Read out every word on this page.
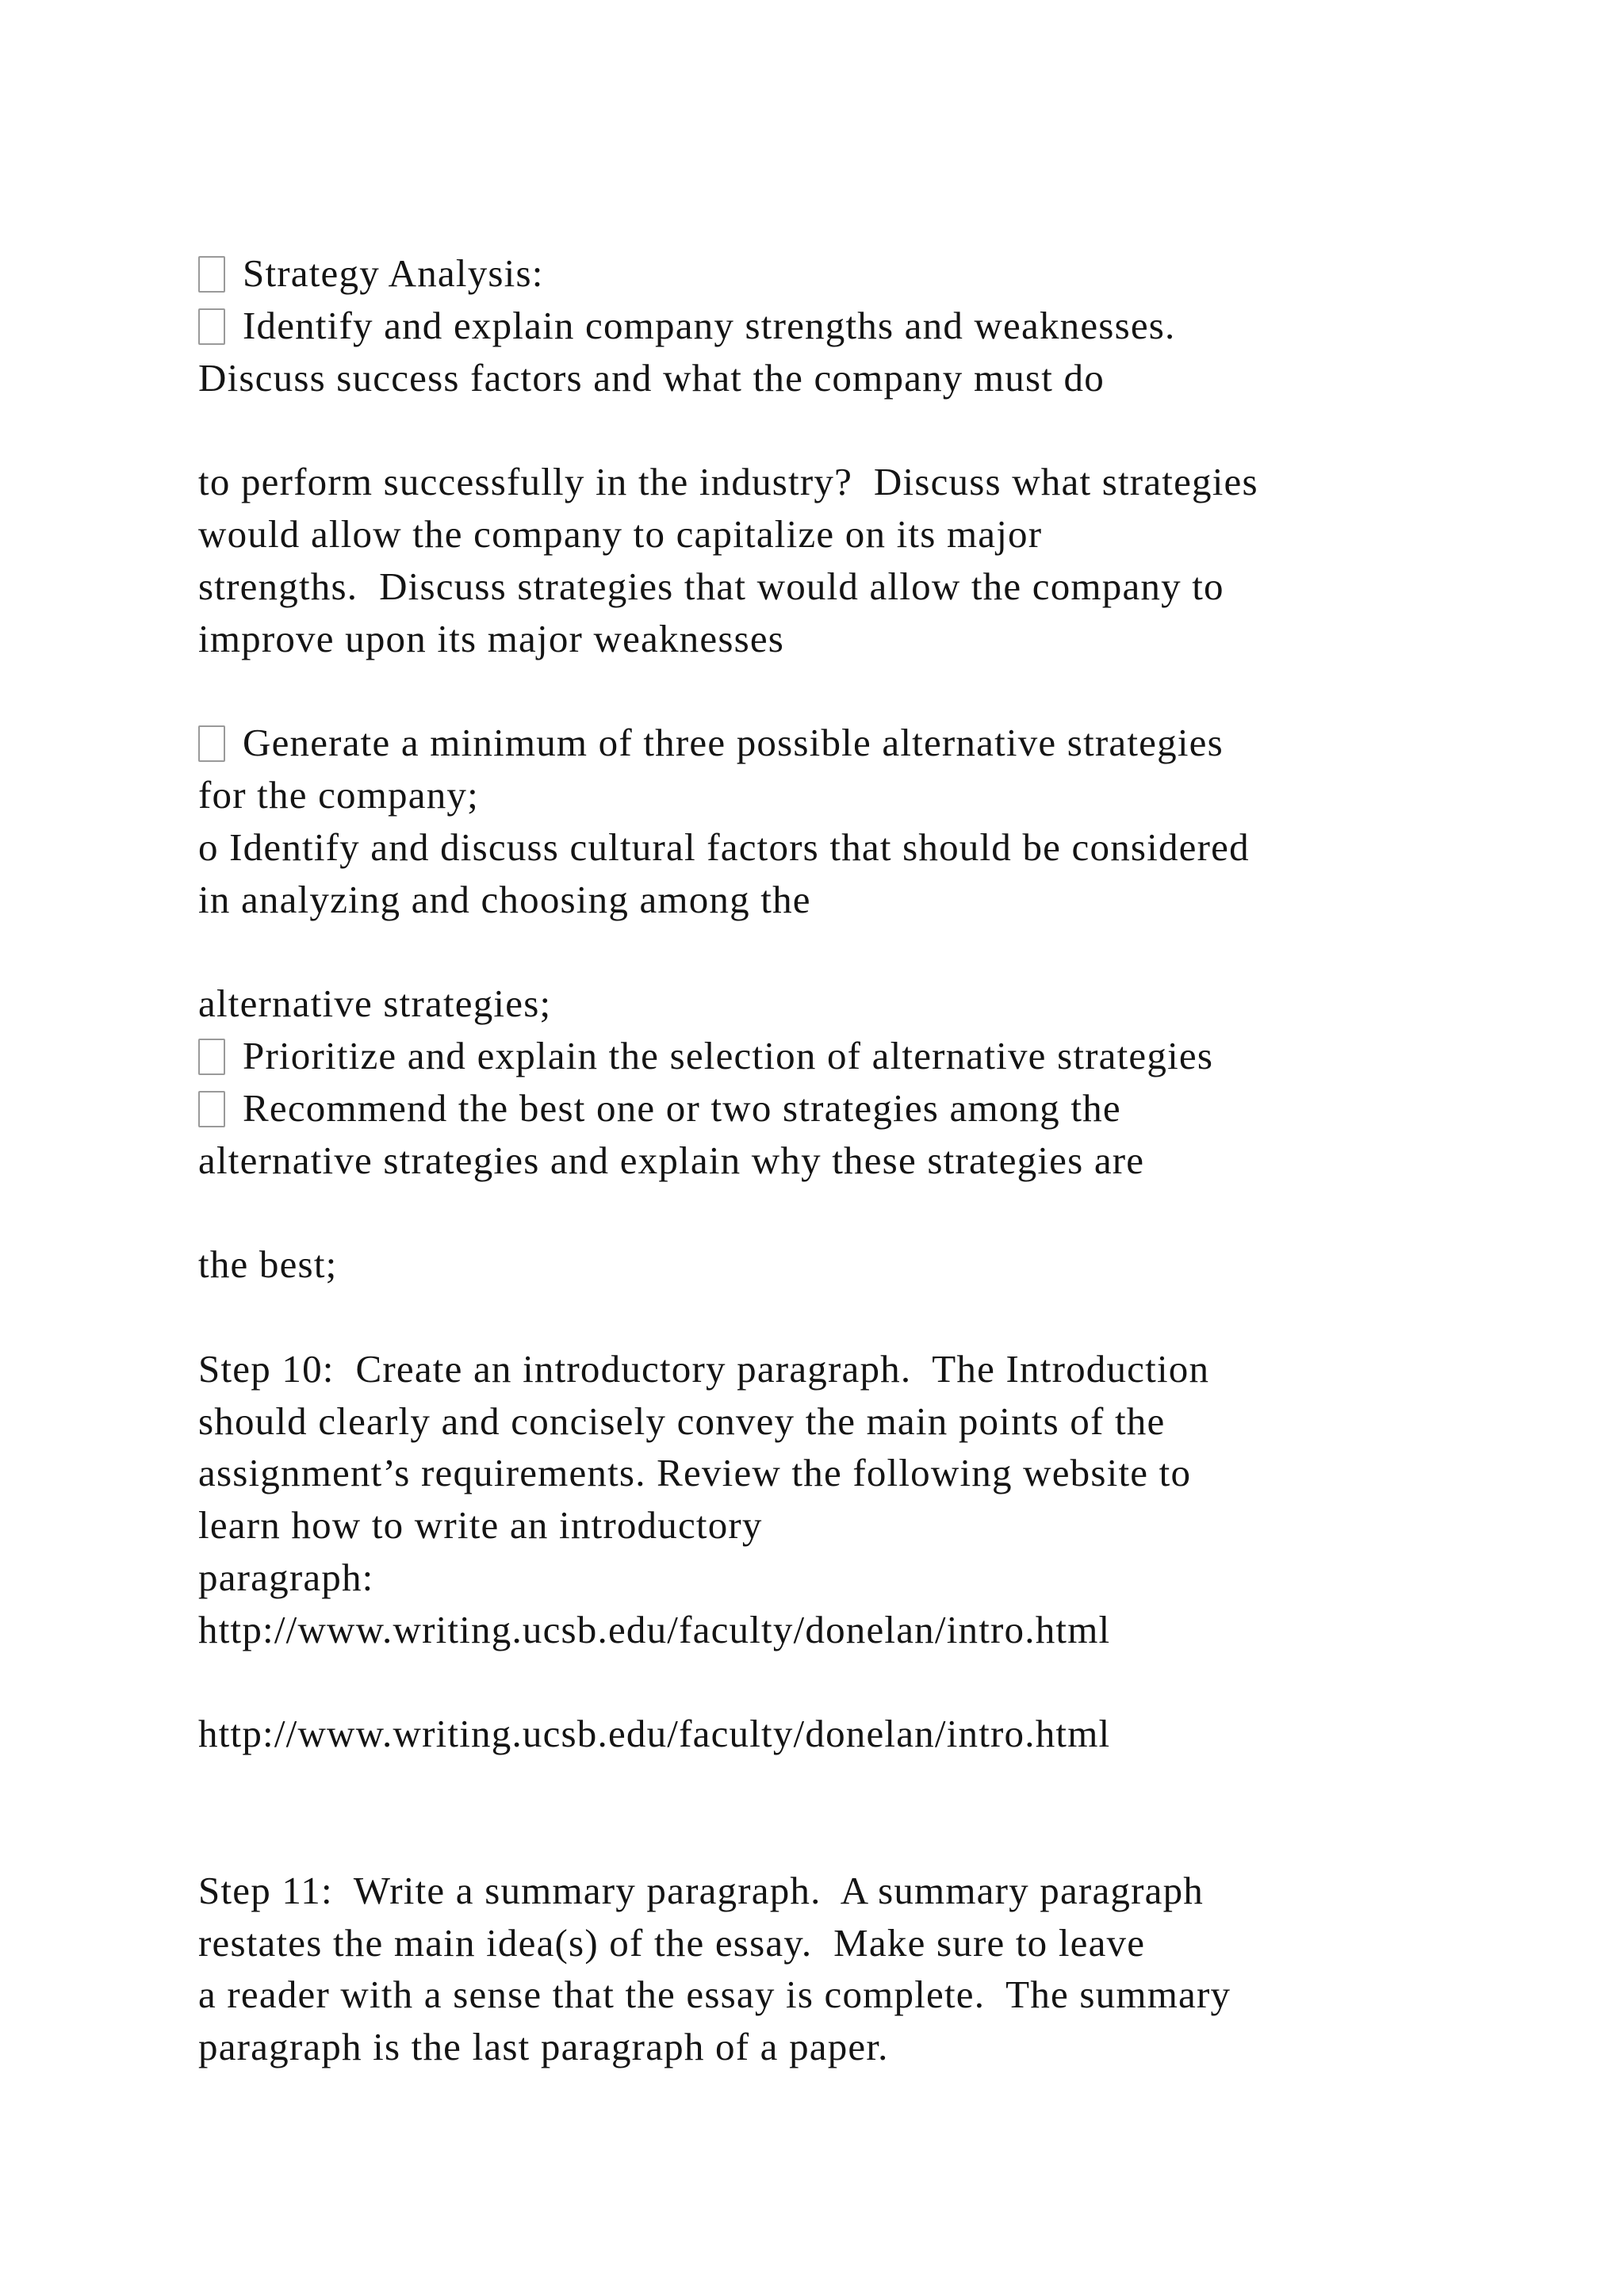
Strategy Analysis:
Identify and explain company strengths and weaknesses.
Discuss success factors and what the company must do
to perform successfully in the industry?  Discuss what strategies
would allow the company to capitalize on its major
strengths.  Discuss strategies that would allow the company to
improve upon its major weaknesses
Generate a minimum of three possible alternative strategies
for the company;
o Identify and discuss cultural factors that should be considered
in analyzing and choosing among the
alternative strategies;
Prioritize and explain the selection of alternative strategies
Recommend the best one or two strategies among the
alternative strategies and explain why these strategies are
the best;
Step 10:  Create an introductory paragraph.  The Introduction
should clearly and concisely convey the main points of the
assignment’s requirements. Review the following website to
learn how to write an introductory
paragraph:
http://www.writing.ucsb.edu/faculty/donelan/intro.html
http://www.writing.ucsb.edu/faculty/donelan/intro.html
Step 11:  Write a summary paragraph.  A summary paragraph
restates the main idea(s) of the essay.  Make sure to leave
a reader with a sense that the essay is complete.  The summary
paragraph is the last paragraph of a paper.
